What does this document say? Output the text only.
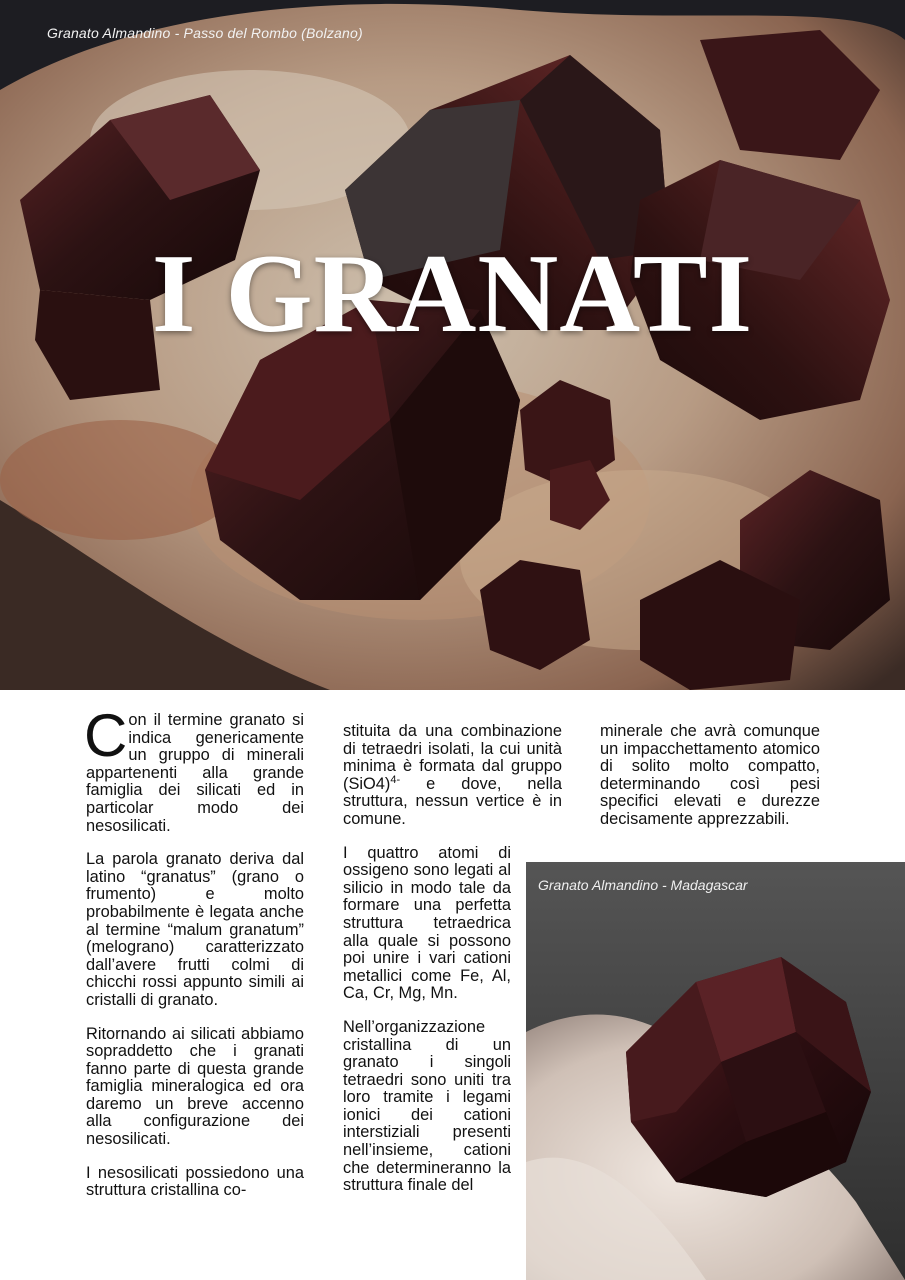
Granato Almandino - Passo del Rombo (Bolzano)
I GRANATI

Con il termine granato si indica genericamente un gruppo di minerali appartenenti alla grande famiglia dei silicati ed in particolar modo dei nesosilicati.

La parola granato deriva dal latino “granatus” (grano o frumento) e molto probabilmente è legata anche al termine “malum granatum” (melograno) caratterizzato dall’avere frutti colmi di chicchi rossi appunto simili ai cristalli di granato.

Ritornando ai silicati abbiamo sopraddetto che i granati fanno parte di questa grande famiglia mineralogica ed ora daremo un breve accenno alla configurazione dei nesosilicati.

I nesosilicati possiedono una struttura cristallina co-

stituita da una combinazione di tetraedri isolati, la cui unità minima è formata dal gruppo $(SiO4)^{4-}$ e dove, nella struttura, nessun vertice è in comune.

I quattro atomi di ossigeno sono legati al silicio in modo tale da formare una perfetta struttura tetraedrica alla quale si possono poi unire i vari cationi metallici come Fe, Al, Ca, Cr, Mg, Mn.

Nell’organizzazione cristallina di un granato i singoli tetraedri sono uniti tra loro tramite i legami ionici dei cationi interstiziali presenti nell’insieme, cationi che determineranno la struttura finale del

minerale che avrà comunque un impacchettamento atomico di solito molto compatto, determinando così pesi specifici elevati e durezze decisamente apprezzabili.

Granato Almandino - Madagascar
